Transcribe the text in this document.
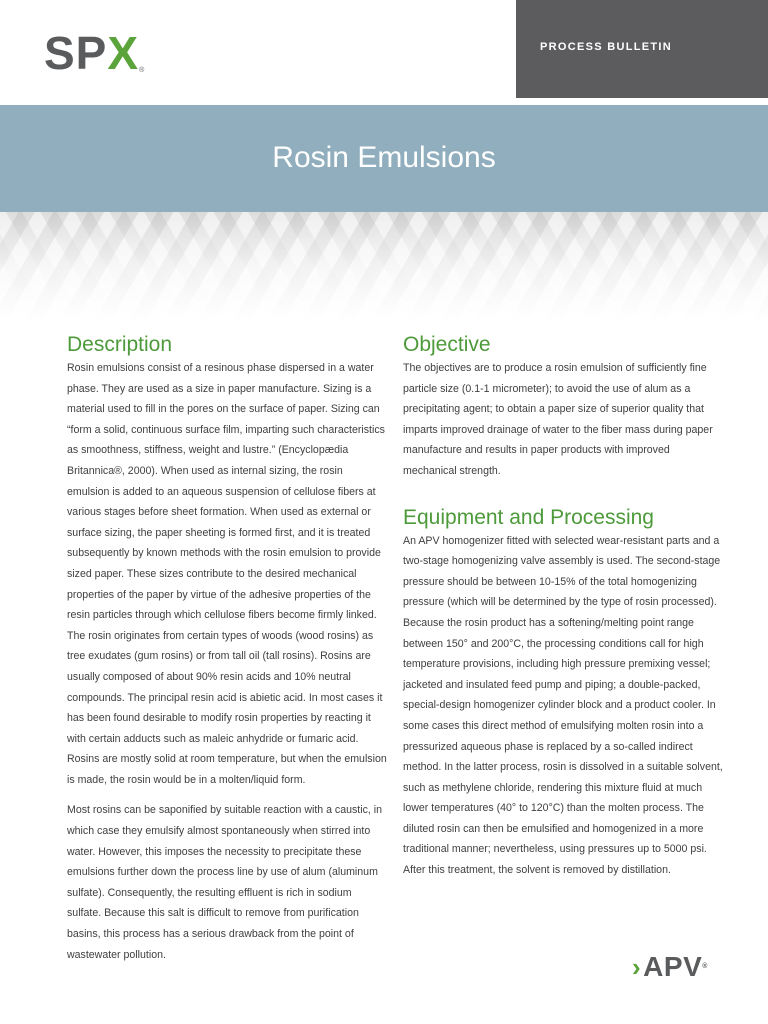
SPX®
PROCESS BULLETIN
Rosin Emulsions
Description

Rosin emulsions consist of a resinous phase dispersed in a water phase. They are used as a size in paper manufacture. Sizing is a material used to fill in the pores on the surface of paper. Sizing can “form a solid, continuous surface film, imparting such characteristics as smoothness, stiffness, weight and lustre.” (Encyclopædia Britannica®, 2000). When used as internal sizing, the rosin emulsion is added to an aqueous suspension of cellulose fibers at various stages before sheet formation. When used as external or surface sizing, the paper sheeting is formed first, and it is treated subsequently by known methods with the rosin emulsion to provide sized paper. These sizes contribute to the desired mechanical properties of the paper by virtue of the adhesive properties of the resin particles through which cellulose fibers become firmly linked. The rosin originates from certain types of woods (wood rosins) as tree exudates (gum rosins) or from tall oil (tall rosins). Rosins are usually composed of about 90% resin acids and 10% neutral compounds. The principal resin acid is abietic acid. In most cases it has been found desirable to modify rosin properties by reacting it with certain adducts such as maleic anhydride or fumaric acid. Rosins are mostly solid at room temperature, but when the emulsion is made, the rosin would be in a molten/liquid form.

Most rosins can be saponified by suitable reaction with a caustic, in which case they emulsify almost spontaneously when stirred into water. However, this imposes the necessity to precipitate these emulsions further down the process line by use of alum (aluminum sulfate). Consequently, the resulting effluent is rich in sodium sulfate. Because this salt is difficult to remove from purification basins, this process has a serious drawback from the point of wastewater pollution.

Objective

The objectives are to produce a rosin emulsion of sufficiently fine particle size (0.1-1 micrometer); to avoid the use of alum as a precipitating agent; to obtain a paper size of superior quality that imparts improved drainage of water to the fiber mass during paper manufacture and results in paper products with improved mechanical strength.

Equipment and Processing

An APV homogenizer fitted with selected wear-resistant parts and a two-stage homogenizing valve assembly is used. The second-stage pressure should be between 10-15% of the total homogenizing pressure (which will be determined by the type of rosin processed). Because the rosin product has a softening/melting point range between 150° and 200°C, the processing conditions call for high temperature provisions, including high pressure premixing vessel; jacketed and insulated feed pump and piping; a double-packed, special-design homogenizer cylinder block and a product cooler. In some cases this direct method of emulsifying molten rosin into a pressurized aqueous phase is replaced by a so-called indirect method. In the latter process, rosin is dissolved in a suitable solvent, such as methylene chloride, rendering this mixture fluid at much lower temperatures (40° to 120°C) than the molten process. The diluted rosin can then be emulsified and homogenized in a more traditional manner; nevertheless, using pressures up to 5000 psi. After this treatment, the solvent is removed by distillation.

›APV®
